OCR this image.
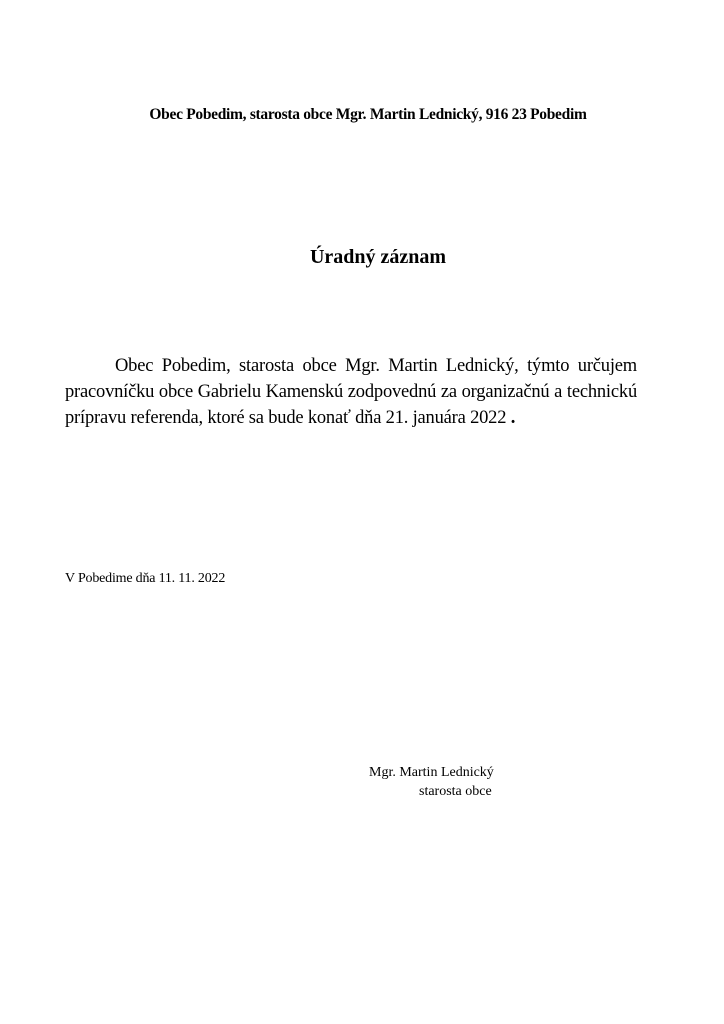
Obec Pobedim, starosta obce Mgr. Martin Lednický, 916 23 Pobedim
Úradný záznam
Obec Pobedim, starosta obce Mgr. Martin Lednický, týmto určujem pracovníčku obce Gabrielu Kamenskú zodpovednú za organizačnú a technickú prípravu referenda, ktoré sa bude konať dňa 21. januára 2022 .
V Pobedime dňa 11. 11. 2022
Mgr. Martin Lednický
starosta obce
